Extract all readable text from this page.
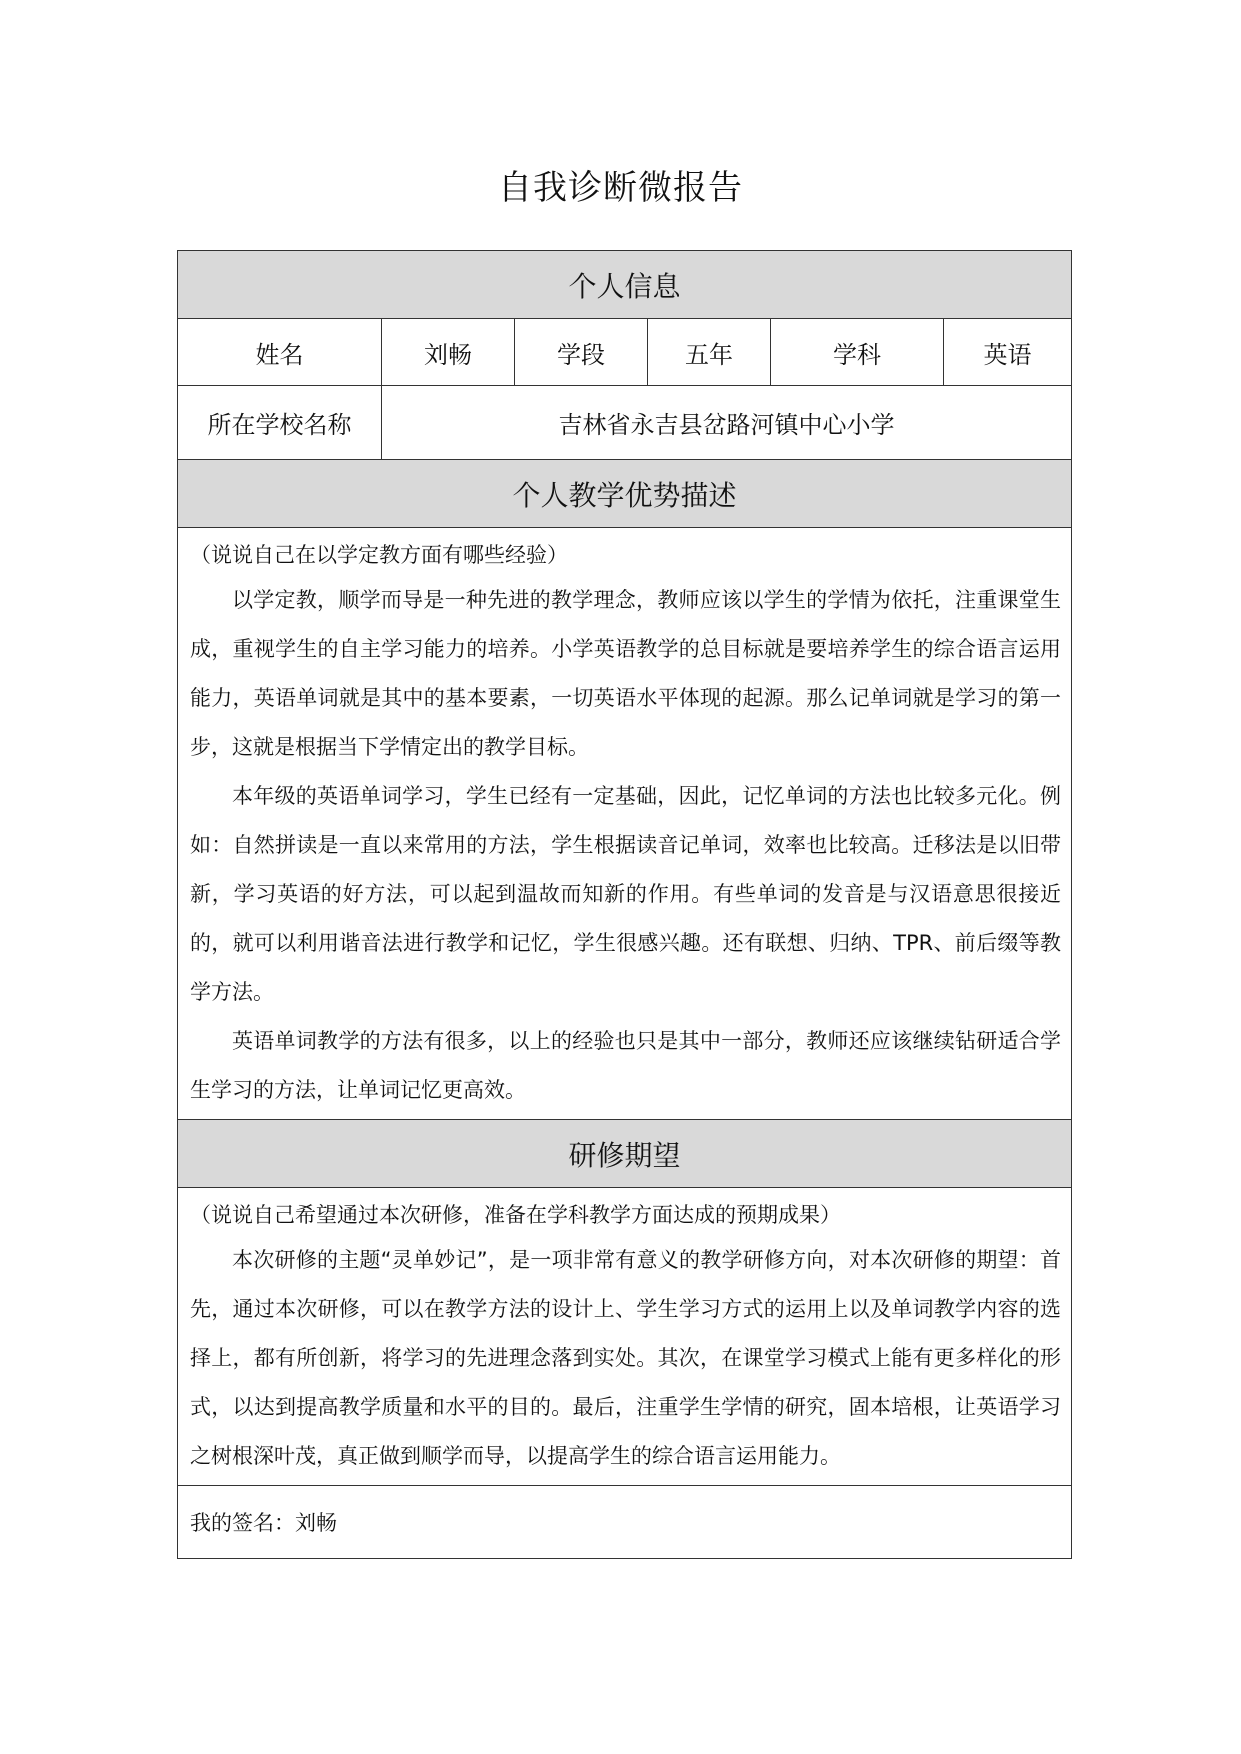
自我诊断微报告
个人信息					
姓名	刘畅	学段	五年	学科	英语
所在学校名称	吉林省永吉县岔路河镇中心小学				
个人教学优势描述					

（说说自己在以学定教方面有哪些经验）

以学定教，顺学而导是一种先进的教学理念，教师应该以学生的学情为依托，注重课堂生成，重视学生的自主学习能力的培养。小学英语教学的总目标就是要培养学生的综合语言运用能力，英语单词就是其中的基本要素，一切英语水平体现的起源。那么记单词就是学习的第一步，这就是根据当下学情定出的教学目标。

本年级的英语单词学习，学生已经有一定基础，因此，记忆单词的方法也比较多元化。例如：自然拼读是一直以来常用的方法，学生根据读音记单词，效率也比较高。迁移法是以旧带新，学习英语的好方法，可以起到温故而知新的作用。有些单词的发音是与汉语意思很接近的，就可以利用谐音法进行教学和记忆，学生很感兴趣。还有联想、归纳、TPR、前后缀等教学方法。

英语单词教学的方法有很多，以上的经验也只是其中一部分，教师还应该继续钻研适合学生学习的方法，让单词记忆更高效。					

研修期望					

（说说自己希望通过本次研修，准备在学科教学方面达成的预期成果）

本次研修的主题“灵单妙记”，是一项非常有意义的教学研修方向，对本次研修的期望：首先，通过本次研修，可以在教学方法的设计上、学生学习方式的运用上以及单词教学内容的选择上，都有所创新，将学习的先进理念落到实处。其次，在课堂学习模式上能有更多样化的形式，以达到提高教学质量和水平的目的。最后，注重学生学情的研究，固本培根，让英语学习之树根深叶茂，真正做到顺学而导，以提高学生的综合语言运用能力。					

我的签名：刘畅					
